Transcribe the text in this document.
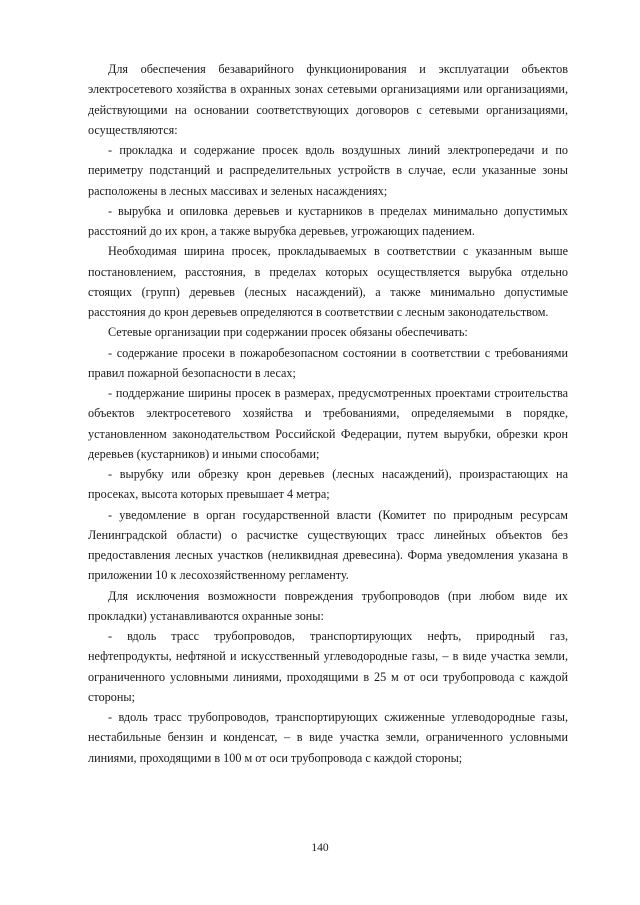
Для обеспечения безаварийного функционирования и эксплуатации объектов электросетевого хозяйства в охранных зонах сетевыми организациями или организациями, действующими на основании соответствующих договоров с сетевыми организациями, осуществляются:

- прокладка и содержание просек вдоль воздушных линий электропередачи и по периметру подстанций и распределительных устройств в случае, если указанные зоны расположены в лесных массивах и зеленых насаждениях;

- вырубка и опиловка деревьев и кустарников в пределах минимально допустимых расстояний до их крон, а также вырубка деревьев, угрожающих падением.

Необходимая ширина просек, прокладываемых в соответствии с указанным выше постановлением, расстояния, в пределах которых осуществляется вырубка отдельно стоящих (групп) деревьев (лесных насаждений), а также минимально допустимые расстояния до крон деревьев определяются в соответствии с лесным законодательством.

Сетевые организации при содержании просек обязаны обеспечивать:

- содержание просеки в пожаробезопасном состоянии в соответствии с требованиями правил пожарной безопасности в лесах;

- поддержание ширины просек в размерах, предусмотренных проектами строительства объектов электросетевого хозяйства и требованиями, определяемыми в порядке, установленном законодательством Российской Федерации, путем вырубки, обрезки крон деревьев (кустарников) и иными способами;

- вырубку или обрезку крон деревьев (лесных насаждений), произрастающих на просеках, высота которых превышает 4 метра;

- уведомление в орган государственной власти (Комитет по природным ресурсам Ленинградской области) о расчистке существующих трасс линейных объектов без предоставления лесных участков (неликвидная древесина). Форма уведомления указана в приложении 10 к лесохозяйственному регламенту.

Для исключения возможности повреждения трубопроводов (при любом виде их прокладки) устанавливаются охранные зоны:

- вдоль трасс трубопроводов, транспортирующих нефть, природный газ, нефтепродукты, нефтяной и искусственный углеводородные газы, – в виде участка земли, ограниченного условными линиями, проходящими в 25 м от оси трубопровода с каждой стороны;

- вдоль трасс трубопроводов, транспортирующих сжиженные углеводородные газы, нестабильные бензин и конденсат, – в виде участка земли, ограниченного условными линиями, проходящими в 100 м от оси трубопровода с каждой стороны;

140
